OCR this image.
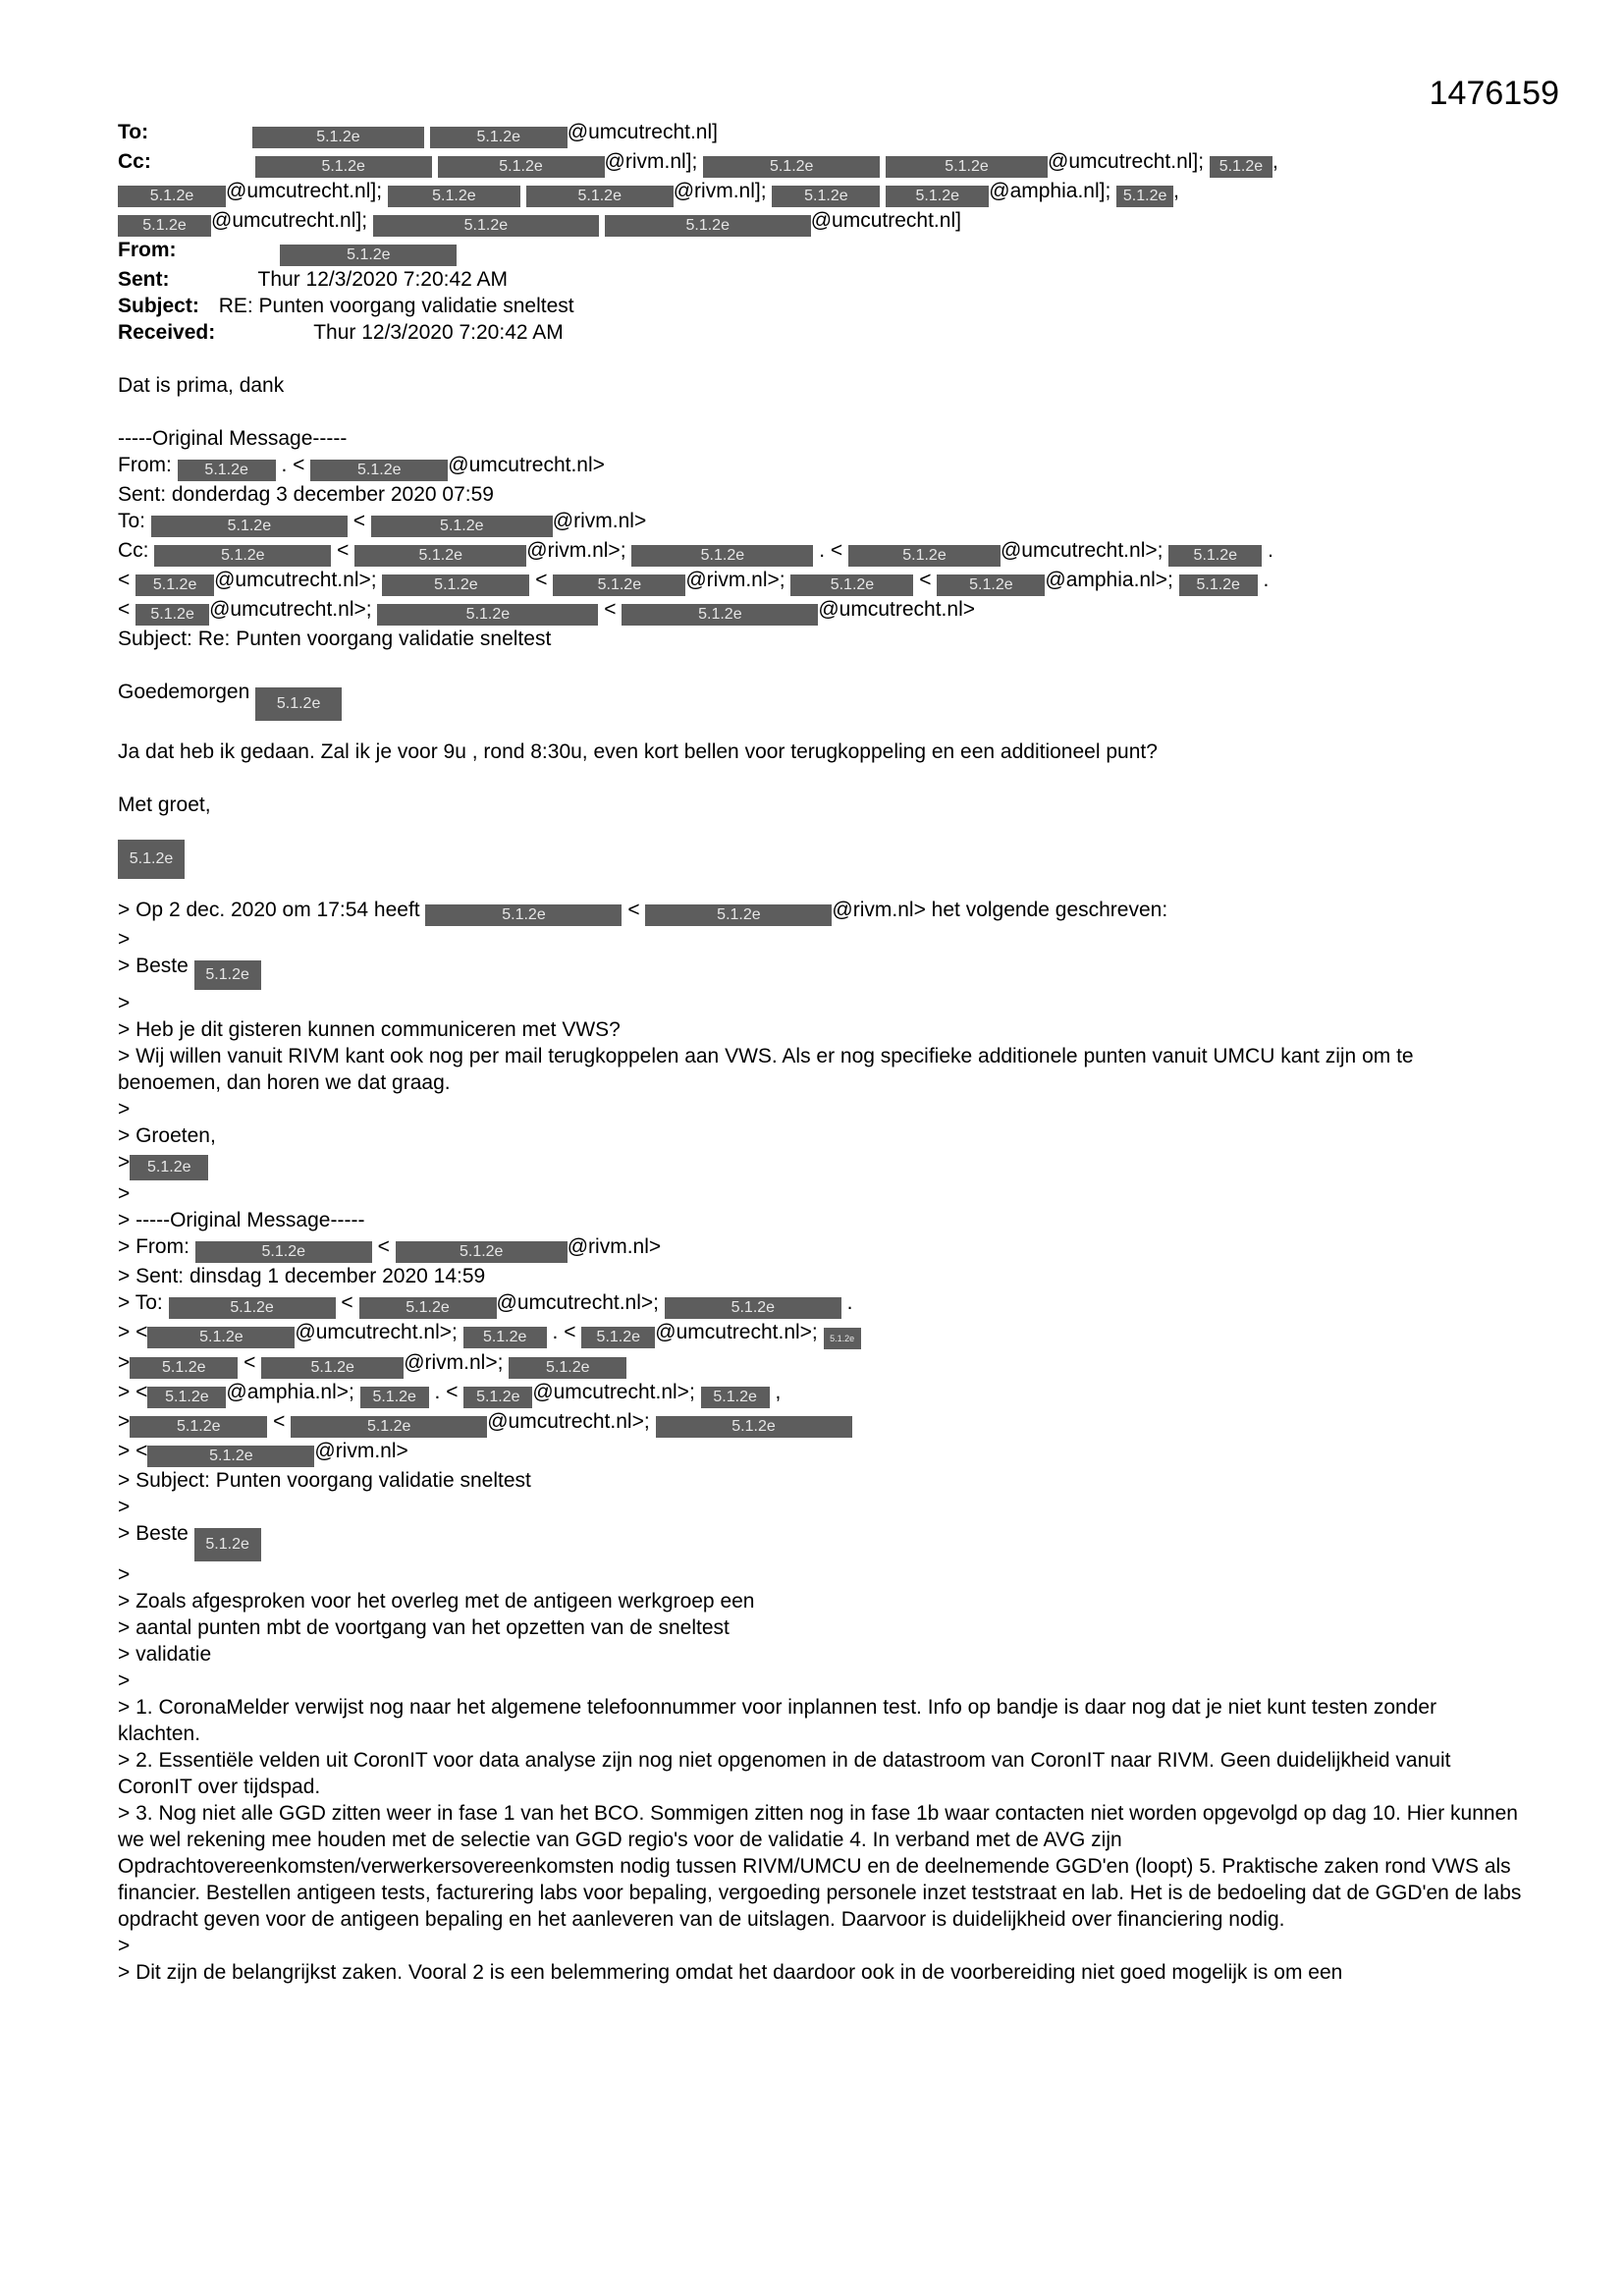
1476159
To:	5.1.2e	5.1.2e @umcutrecht.nl]
Cc:	5.1.2e	5.1.2e	@rivm.nl];	5.1.2e	5.1.2e	@umcutrecht.nl]; 5.1.2e ,
5.1.2e @umcutrecht.nl];	5.1.2e	5.1.2e	@rivm.nl]; 5.1.2e	5.1.2e @amphia.nl]; 5.1.2e ,
5.1.2e @umcutrecht.nl];	5.1.2e	5.1.2e	@umcutrecht.nl]
From:	5.1.2e
Sent:	Thur 12/3/2020 7:20:42 AM
Subject: RE: Punten voorgang validatie sneltest
Received:	Thur 12/3/2020 7:20:42 AM
Dat is prima, dank
-----Original Message-----
From: 5.1.2e . <	5.1.2e @umcutrecht.nl>
Sent: donderdag 3 december 2020 07:59
To:	5.1.2e	<	5.1.2e	@rivm.nl>
Cc:	5.1.2e	<	5.1.2e	@rivm.nl>;	5.1.2e	. <	5.1.2e	@umcutrecht.nl>; 5.1.2e .
< 5.1.2e @umcutrecht.nl>;	5.1.2e	<	5.1.2e @rivm.nl>;	5.1.2e < 5.1.2e @amphia.nl>; 5.1.2e .
< 5.1.2e @umcutrecht.nl>;	5.1.2e	<	5.1.2e	@umcutrecht.nl>
Subject: Re: Punten voorgang validatie sneltest
Goedemorgen 5.1.2e
Ja dat heb ik gedaan. Zal ik je voor 9u , rond 8:30u, even kort bellen voor terugkoppeling en een additioneel punt?
Met groet,
5.1.2e
> Op 2 dec. 2020 om 17:54 heeft	5.1.2e	<	5.1.2e	@rivm.nl> het volgende geschreven:
>
> Beste 5.1.2e
>
> Heb je dit gisteren kunnen communiceren met VWS?
> Wij willen vanuit RIVM kant ook nog per mail terugkoppelen aan VWS. Als er nog specifieke additionele punten vanuit UMCU kant zijn om te benoemen, dan horen we dat graag.
>
> Groeten,
> 5.1.2e
>
> -----Original Message-----
> From:	5.1.2e	<	5.1.2e	@rivm.nl>
> Sent: dinsdag 1 december 2020 14:59
> To:	5.1.2e	<	5.1.2e @umcutrecht.nl>;	5.1.2e	.
> <	5.1.2e	@umcutrecht.nl>; 5.1.2e . < 5.1.2e @umcutrecht.nl>; 5.1.2e
> 5.1.2e <	5.1.2e @rivm.nl>;	5.1.2e
> < 5.1.2e @amphia.nl>; 5.1.2e . < 5.1.2e @umcutrecht.nl>; 5.1.2e ,
>	5.1.2e <	5.1.2e	@umcutrecht.nl>;	5.1.2e
> <	5.1.2e	@rivm.nl>
> Subject: Punten voorgang validatie sneltest
>
> Beste 5.1.2e
>
> Zoals afgesproken voor het overleg met de antigeen werkgroep een
> aantal punten mbt de voortgang van het opzetten van de sneltest
> validatie
>
> 1. CoronaMelder verwijst nog naar het algemene telefoonnummer voor inplannen test. Info op bandje is daar nog dat je niet kunt testen zonder klachten.
> 2. Essentiële velden uit CoronIT voor data analyse zijn nog niet opgenomen in de datastroom van CoronIT naar RIVM. Geen duidelijkheid vanuit CoronIT over tijdspad.
> 3. Nog niet alle GGD zitten weer in fase 1 van het BCO. Sommigen zitten nog in fase 1b waar contacten niet worden opgevolgd op dag 10. Hier kunnen we wel rekening mee houden met de selectie van GGD regio's voor de validatie 4. In verband met de AVG zijn Opdrachtovereenkomsten/verwerkersovereenkomsten nodig tussen RIVM/UMCU en de deelnemende GGD'en (loopt) 5. Praktische zaken rond VWS als financier. Bestellen antigeen tests, facturering labs voor bepaling, vergoeding personele inzet teststraat en lab. Het is de bedoeling dat de GGD'en de labs opdracht geven voor de antigeen bepaling en het aanleveren van de uitslagen. Daarvoor is duidelijkheid over financiering nodig.
>
> Dit zijn de belangrijkst zaken. Vooral 2 is een belemmering omdat het daardoor ook in de voorbereiding niet goed mogelijk is om een
